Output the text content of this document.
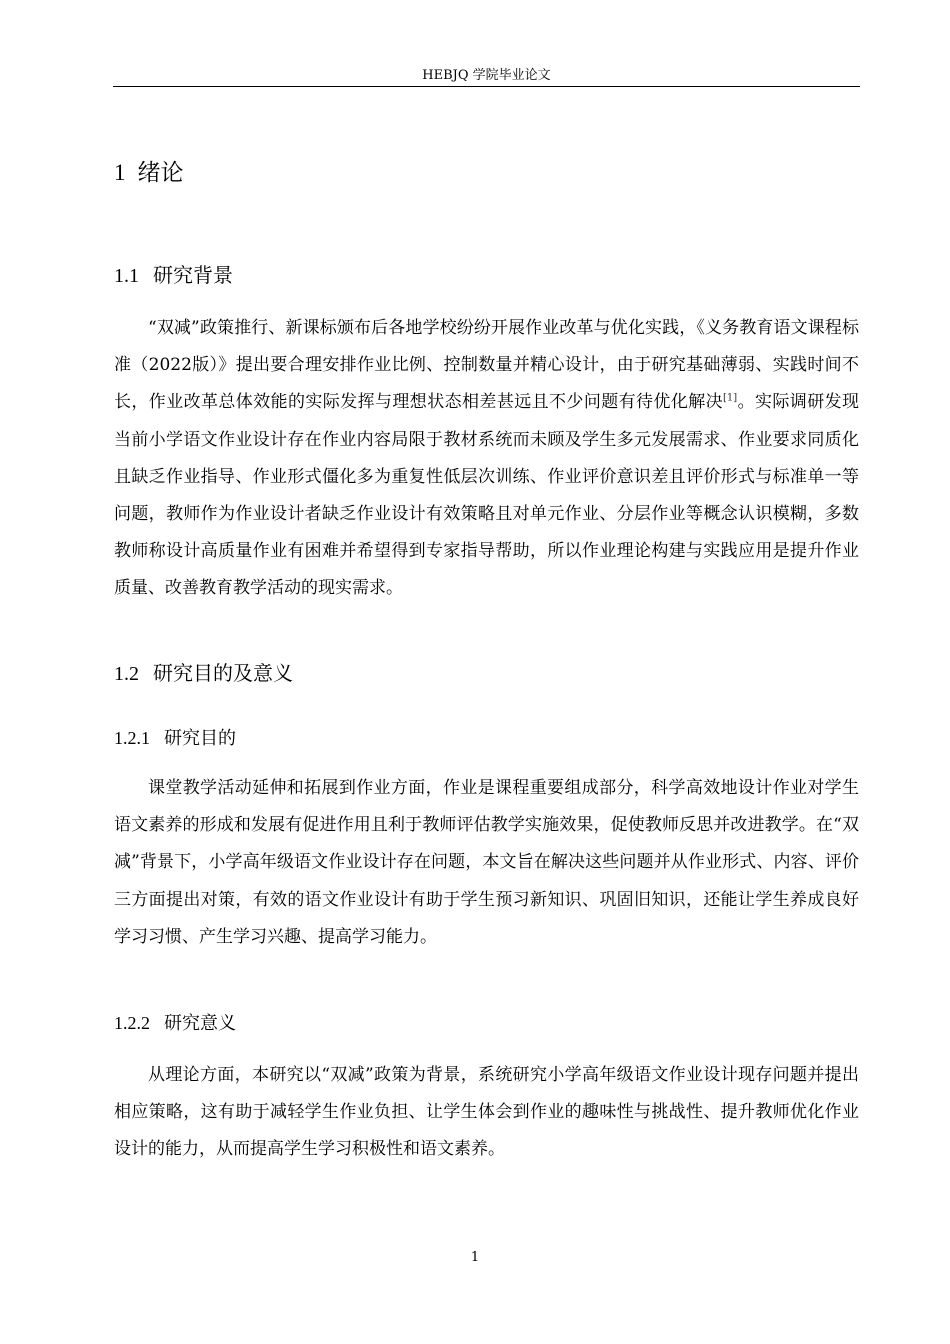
HEBJQ 学院毕业论文
1 绪论
1.1 研究背景

“双减”政策推行、新课标颁布后各地学校纷纷开展作业改革与优化实践，《义务教育语文课程标准（2022版）》提出要合理安排作业比例、控制数量并精心设计，由于研究基础薄弱、实践时间不长，作业改革总体效能的实际发挥与理想状态相差甚远且不少问题有待优化解决[1]。实际调研发现当前小学语文作业设计存在作业内容局限于教材系统而未顾及学生多元发展需求、作业要求同质化且缺乏作业指导、作业形式僵化多为重复性低层次训练、作业评价意识差且评价形式与标准单一等问题，教师作为作业设计者缺乏作业设计有效策略且对单元作业、分层作业等概念认识模糊，多数教师称设计高质量作业有困难并希望得到专家指导帮助，所以作业理论构建与实践应用是提升作业质量、改善教育教学活动的现实需求。

1.2 研究目的及意义
1.2.1 研究目的

课堂教学活动延伸和拓展到作业方面，作业是课程重要组成部分，科学高效地设计作业对学生语文素养的形成和发展有促进作用且利于教师评估教学实施效果，促使教师反思并改进教学。在“双减”背景下，小学高年级语文作业设计存在问题，本文旨在解决这些问题并从作业形式、内容、评价三方面提出对策，有效的语文作业设计有助于学生预习新知识、巩固旧知识，还能让学生养成良好学习习惯、产生学习兴趣、提高学习能力。

1.2.2 研究意义

从理论方面，本研究以“双减”政策为背景，系统研究小学高年级语文作业设计现存问题并提出相应策略，这有助于减轻学生作业负担、让学生体会到作业的趣味性与挑战性、提升教师优化作业设计的能力，从而提高学生学习积极性和语文素养。

1
